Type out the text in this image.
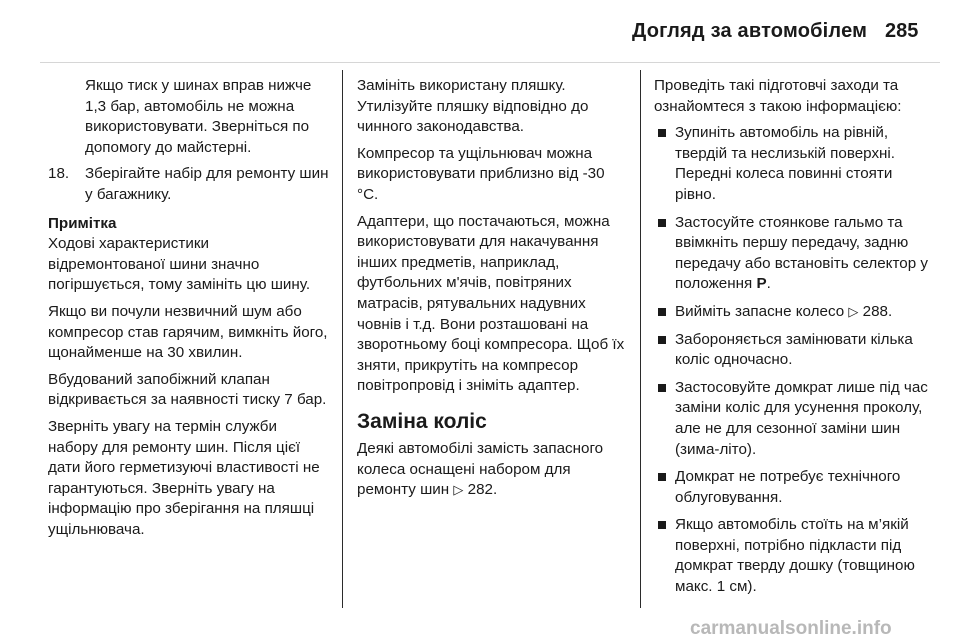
Догляд за автомобілем 285

Якщо тиск у шинах вправ нижче 1,3 бар, автомобіль не можна використовувати. Зверніться по допомогу до майстерні.

18. Зберігайте набір для ремонту шин у багажнику.
Примітка

Ходові характеристики відремонтованої шини значно погіршується, тому замініть цю шину.

Якщо ви почули незвичний шум або компресор став гарячим, вимкніть його, щонайменше на 30 хвилин.

Вбудований запобіжний клапан відкривається за наявності тиску 7 бар.

Зверніть увагу на термін служби набору для ремонту шин. Після цієї дати його герметизуючі властивості не гарантуються. Зверніть увагу на інформацію про зберігання на пляшці ущільнювача.

Замініть використану пляшку. Утилізуйте пляшку відповідно до чинного законодавства.

Компресор та ущільнювач можна використовувати приблизно від -30 °C.

Адаптери, що постачаються, можна використовувати для накачування інших предметів, наприклад, футбольних м'ячів, повітряних матрасів, рятувальних надувних човнів і т.д. Вони розташовані на зворотньому боці компресора. Щоб їх зняти, прикрутіть на компресор повітропровід і зніміть адаптер.

Заміна коліс

Деякі автомобілі замість запасного колеса оснащені набором для ремонту шин ▷ 282.

Проведіть такі підготовчі заходи та ознайомтеся з такою інформацією:

Зупиніть автомобіль на рівній, твердій та неслизькій поверхні. Передні колеса повинні стояти рівно.
Застосуйте стоянкове гальмо та ввімкніть першу передачу, задню передачу або встановіть селектор у положення P.
Вийміть запасне колесо ▷ 288.
Забороняється замінювати кілька коліс одночасно.
Застосовуйте домкрат лише під час заміни коліс для усунення проколу, але не для сезонної заміни шин (зима-літо).
Домкрат не потребує технічного облуговування.
Якщо автомобіль стоїть на м’якій поверхні, потрібно підкласти під домкрат тверду дошку (товщиною макс. 1 см).
carmanualsonline.info
